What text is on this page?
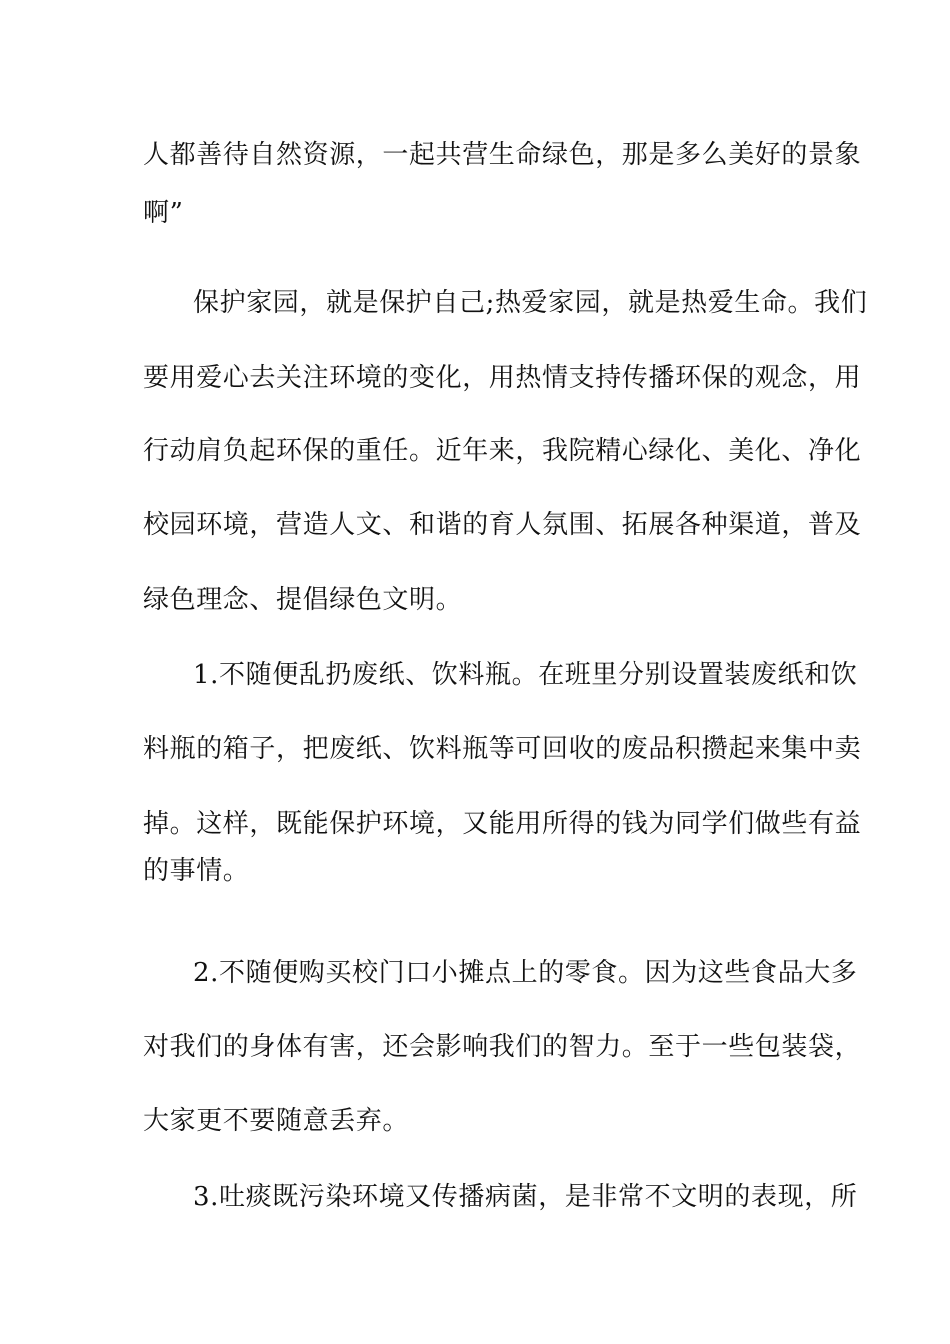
人都善待自然资源，一起共营生命绿色，那是多么美好的景象
啊”
保护家园，就是保护自己;热爱家园，就是热爱生命。我们
要用爱心去关注环境的变化，用热情支持传播环保的观念，用
行动肩负起环保的重任。近年来，我院精心绿化、美化、净化
校园环境，营造人文、和谐的育人氛围、拓展各种渠道，普及
绿色理念、提倡绿色文明。
1.不随便乱扔废纸、饮料瓶。在班里分别设置装废纸和饮
料瓶的箱子，把废纸、饮料瓶等可回收的废品积攒起来集中卖
掉。这样，既能保护环境，又能用所得的钱为同学们做些有益
的事情。
2.不随便购买校门口小摊点上的零食。因为这些食品大多
对我们的身体有害，还会影响我们的智力。至于一些包装袋，
大家更不要随意丢弃。
3.吐痰既污染环境又传播病菌，是非常不文明的表现，所
